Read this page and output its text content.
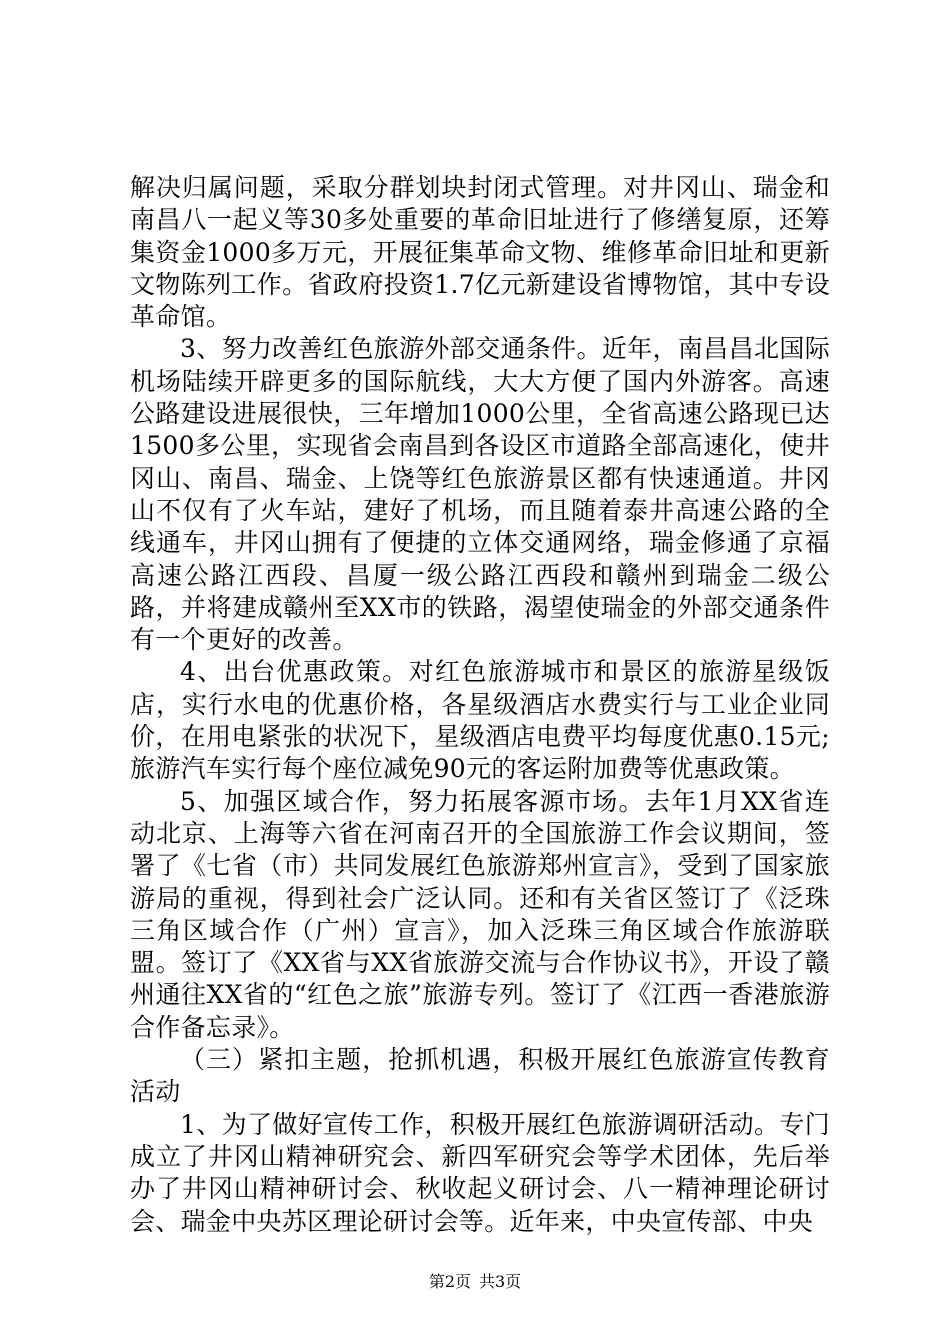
解决归属问题，采取分群划块封闭式管理。对井冈山、瑞金和南昌八一起义等30多处重要的革命旧址进行了修缮复原，还筹集资金1000多万元，开展征集革命文物、维修革命旧址和更新文物陈列工作。省政府投资1.7亿元新建设省博物馆，其中专设革命馆。

3、努力改善红色旅游外部交通条件。近年，南昌昌北国际机场陆续开辟更多的国际航线，大大方便了国内外游客。高速公路建设进展很快，三年增加1000公里，全省高速公路现已达1500多公里，实现省会南昌到各设区市道路全部高速化，使井冈山、南昌、瑞金、上饶等红色旅游景区都有快速通道。井冈山不仅有了火车站，建好了机场，而且随着泰井高速公路的全线通车，井冈山拥有了便捷的立体交通网络，瑞金修通了京福高速公路江西段、昌厦一级公路江西段和赣州到瑞金二级公路，并将建成赣州至XX市的铁路，渴望使瑞金的外部交通条件有一个更好的改善。

4、出台优惠政策。对红色旅游城市和景区的旅游星级饭店，实行水电的优惠价格，各星级酒店水费实行与工业企业同价，在用电紧张的状况下，星级酒店电费平均每度优惠0.15元;旅游汽车实行每个座位减免90元的客运附加费等优惠政策。

5、加强区域合作，努力拓展客源市场。去年1月XX省连动北京、上海等六省在河南召开的全国旅游工作会议期间，签署了《七省（市）共同发展红色旅游郑州宣言》，受到了国家旅游局的重视，得到社会广泛认同。还和有关省区签订了《泛珠三角区域合作（广州）宣言》，加入泛珠三角区域合作旅游联盟。签订了《XX省与XX省旅游交流与合作协议书》，开设了赣州通往XX省的“红色之旅”旅游专列。签订了《江西一香港旅游合作备忘录》。

（三）紧扣主题，抢抓机遇，积极开展红色旅游宣传教育活动

1、为了做好宣传工作，积极开展红色旅游调研活动。专门成立了井冈山精神研究会、新四军研究会等学术团体，先后举办了井冈山精神研讨会、秋收起义研讨会、八一精神理论研讨会、瑞金中央苏区理论研讨会等。近年来，中央宣传部、中央

第2页 共3页
